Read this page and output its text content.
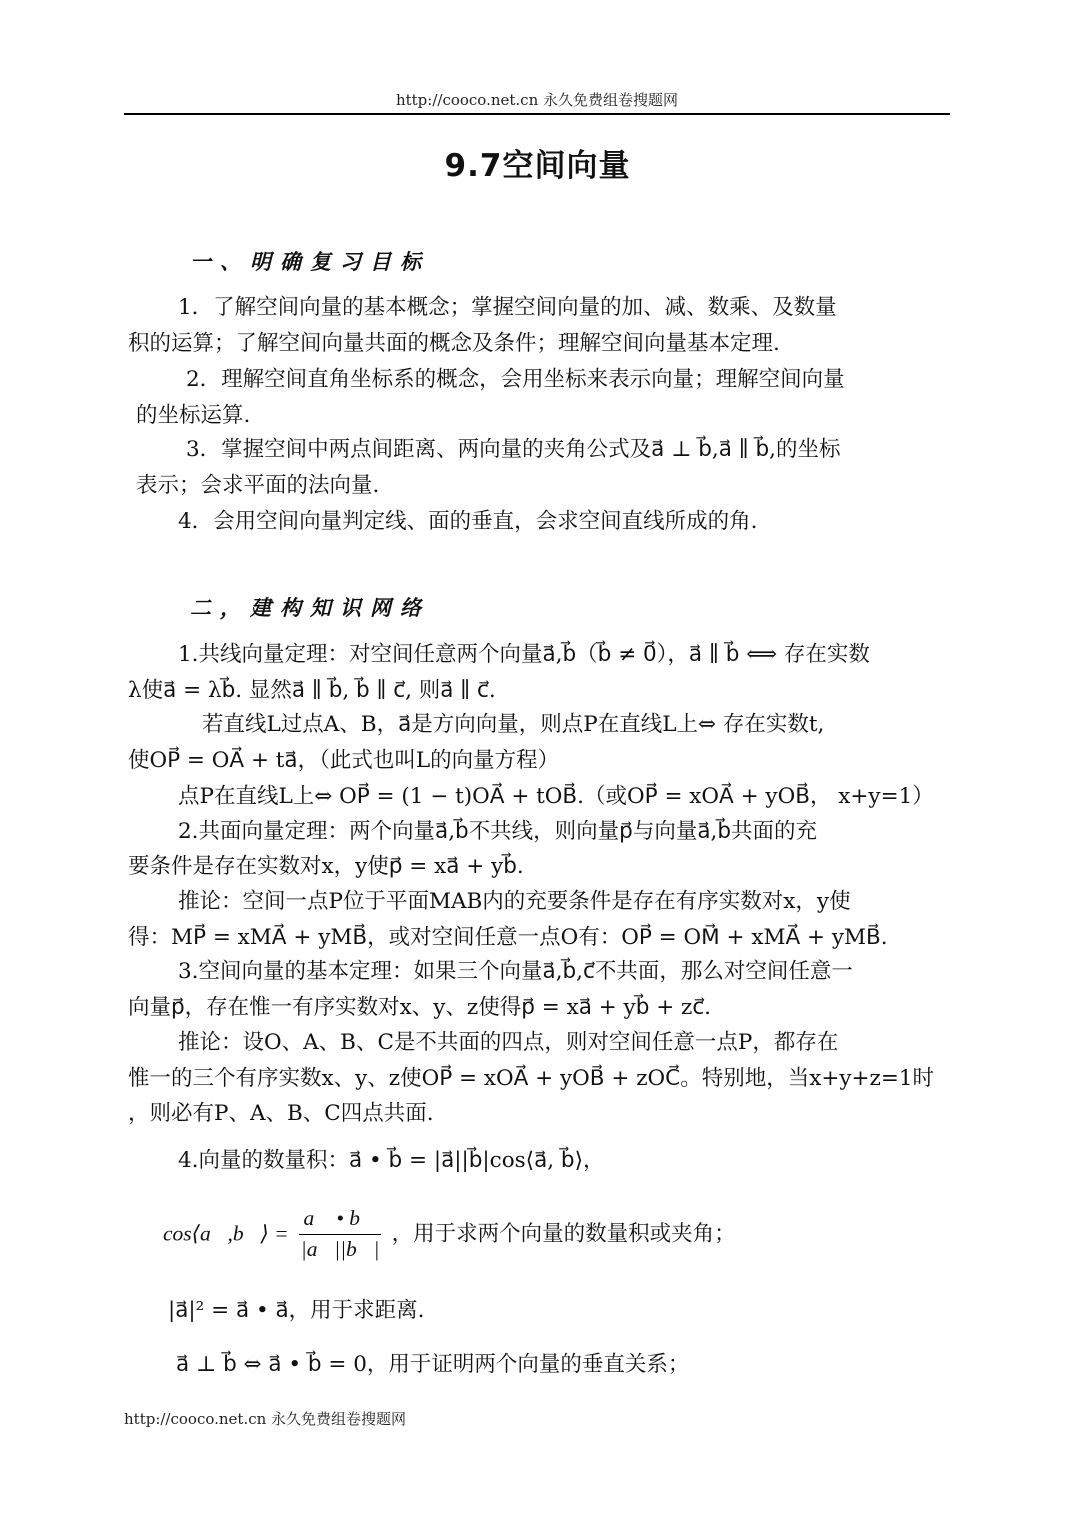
http://cooco.net.cn 永久免费组卷搜题网
9.7空间向量
一、明确复习目标
1．了解空间向量的基本概念；掌握空间向量的加、减、数乘、及数量
积的运算；了解空间向量共面的概念及条件；理解空间向量基本定理.
2．理解空间直角坐标系的概念，会用坐标来表示向量；理解空间向量
的坐标运算.
3．掌握空间中两点间距离、两向量的夹角公式及a⃗ ⊥ b⃗,a⃗ ∥ b⃗,的坐标
表示；会求平面的法向量.
4．会用空间向量判定线、面的垂直，会求空间直线所成的角.
二，建构知识网络
1.共线向量定理：对空间任意两个向量a⃗,b⃗（b⃗ ≠ 0⃗），a⃗ ∥ b⃗ ⟺ 存在实数
λ使a⃗ = λb⃗. 显然a⃗ ∥ b⃗, b⃗ ∥ c⃗, 则a⃗ ∥ c⃗.
若直线L过点A、B，a⃗是方向向量，则点P在直线L上⇔ 存在实数t,
使OP⃗ = OA⃗ + ta⃗，（此式也叫L的向量方程）
点P在直线L上⇔ OP⃗ = (1 − t)OA⃗ + tOB⃗.（或OP⃗ = xOA⃗ + yOB⃗， x+y=1）
2.共面向量定理：两个向量a⃗,b⃗不共线，则向量p⃗与向量a⃗,b⃗共面的充
要条件是存在实数对x，y使p⃗ = xa⃗ + yb⃗.
推论：空间一点P位于平面MAB内的充要条件是存在有序实数对x，y使
得：MP⃗ = xMA⃗ + yMB⃗，或对空间任意一点O有：OP⃗ = OM⃗ + xMA⃗ + yMB⃗.
3.空间向量的基本定理：如果三个向量a⃗,b⃗,c⃗不共面，那么对空间任意一
向量p⃗，存在惟一有序实数对x、y、z使得p⃗ = xa⃗ + yb⃗ + zc⃗.
推论：设O、A、B、C是不共面的四点，则对空间任意一点P，都存在
惟一的三个有序实数x、y、z使OP⃗ = xOA⃗ + yOB⃗ + zOC⃗。特别地，当x+y+z=1时
，则必有P、A、B、C四点共面.
4.向量的数量积：a⃗ • b⃗ = |a⃗||b⃗|cos⟨a⃗, b⃗⟩，
cos⟨a⃗,b⃗⟩ = $\frac{a⃗ • b⃗}{|a⃗||b⃗|}$ ，用于求两个向量的数量积或夹角；
|a⃗|² = a⃗ • a⃗，用于求距离.
a⃗ ⊥ b⃗ ⇔ a⃗ • b⃗ = 0，用于证明两个向量的垂直关系；
http://cooco.net.cn 永久免费组卷搜题网
